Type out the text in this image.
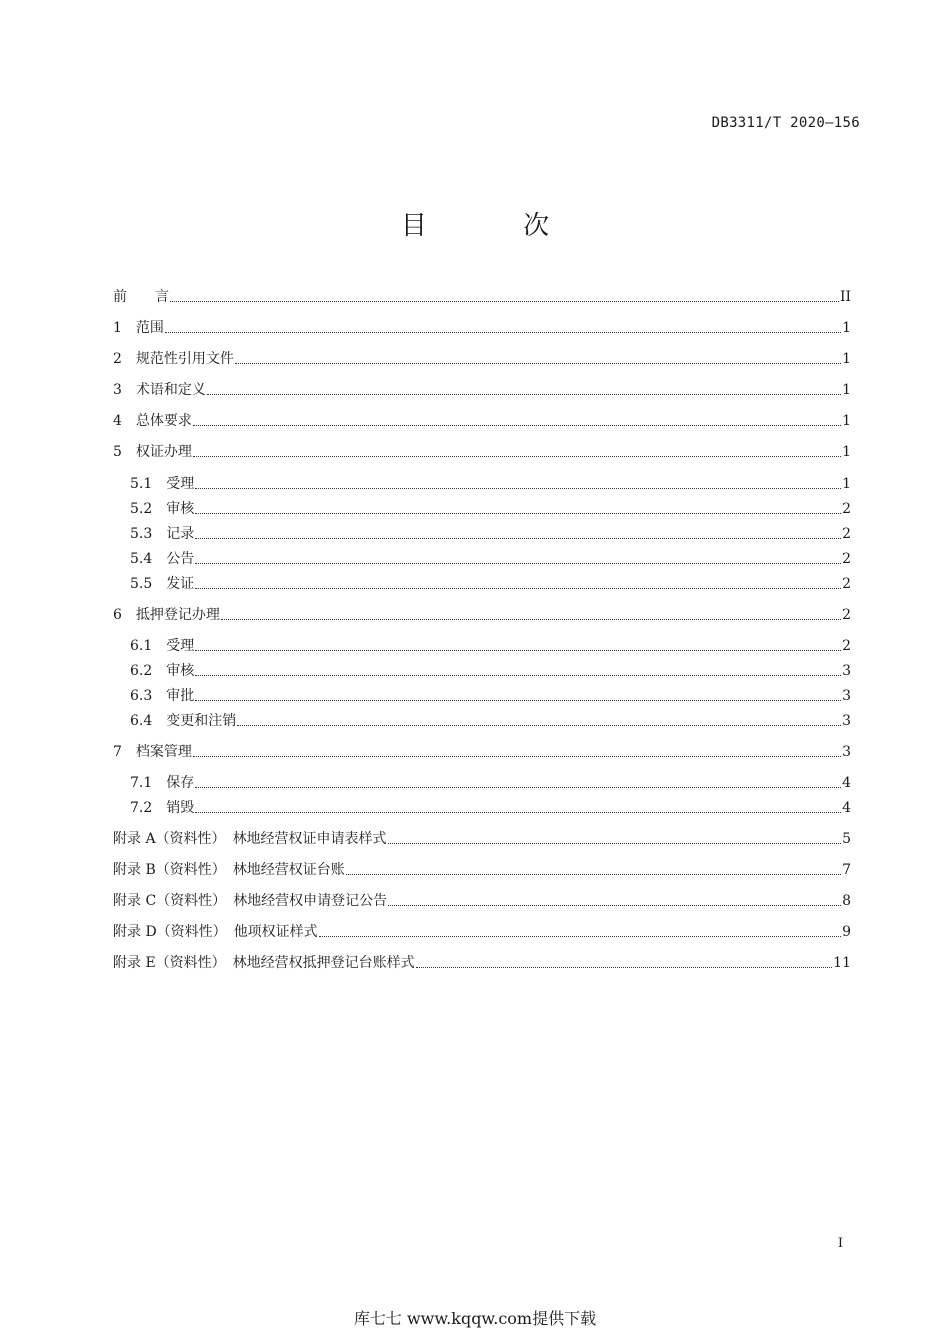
DB3311/T 2020—156
目 次
前　　言	II
1　 范围	1
2　 规范性引用文件	1
3　 术语和定义	1
4　 总体要求	1
5　 权证办理	1
5.1　 受理	1
5.2　 审核	2
5.3　 记录	2
5.4　 公告	2
5.5　 发证	2
6　 抵押登记办理	2
6.1　 受理	2
6.2　 审核	3
6.3　 审批	3
6.4　 变更和注销	3
7　 档案管理	3
7.1　 保存	4
7.2　 销毁	4
附录 A（资料性）　 林地经营权证申请表样式	5
附录 B（资料性）　 林地经营权证台账	7
附录 C（资料性）　 林地经营权申请登记公告	8
附录 D（资料性）　 他项权证样式	9
附录 E（资料性）　 林地经营权抵押登记台账样式	11
I
库七七 www.kqqw.com提供下载
